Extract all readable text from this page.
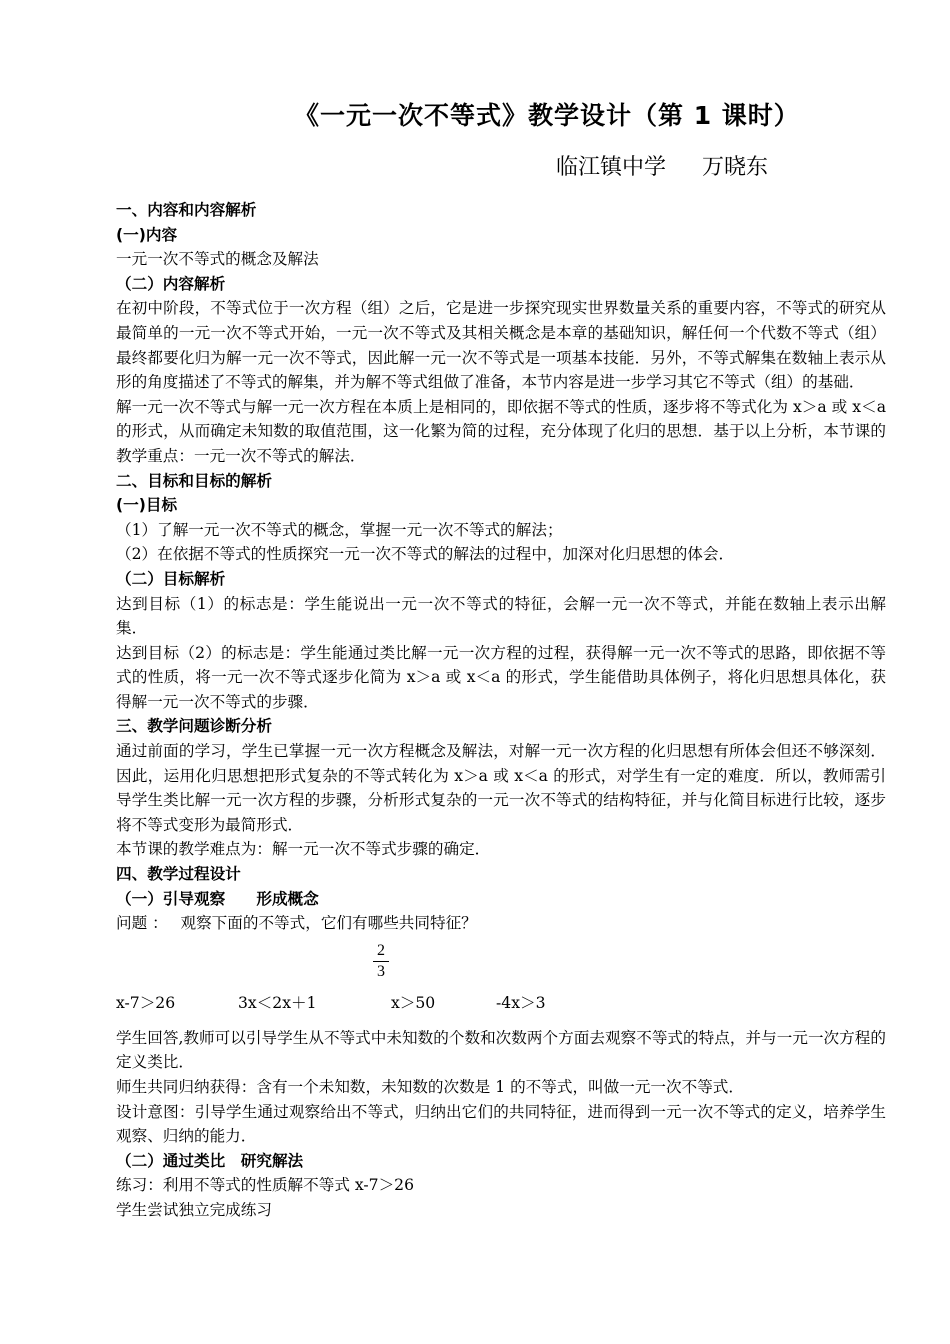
《一元一次不等式》教学设计（第 1 课时）
临江镇中学 万晓东

一、内容和内容解析

(一)内容

一元一次不等式的概念及解法

（二）内容解析

在初中阶段，不等式位于一次方程（组）之后，它是进一步探究现实世界数量关系的重要内容，不等式的研究从最简单的一元一次不等式开始，一元一次不等式及其相关概念是本章的基础知识，解任何一个代数不等式（组）最终都要化归为解一元一次不等式，因此解一元一次不等式是一项基本技能．另外，不等式解集在数轴上表示从形的角度描述了不等式的解集，并为解不等式组做了准备，本节内容是进一步学习其它不等式（组）的基础．

解一元一次不等式与解一元一次方程在本质上是相同的，即依据不等式的性质，逐步将不等式化为 x＞a 或 x＜a 的形式，从而确定未知数的取值范围，这一化繁为简的过程，充分体现了化归的思想．基于以上分析，本节课的教学重点：一元一次不等式的解法．

二、目标和目标的解析

(一)目标

（1）了解一元一次不等式的概念，掌握一元一次不等式的解法；

（2）在依据不等式的性质探究一元一次不等式的解法的过程中，加深对化归思想的体会．

（二）目标解析

达到目标（1）的标志是：学生能说出一元一次不等式的特征，会解一元一次不等式，并能在数轴上表示出解集．

达到目标（2）的标志是：学生能通过类比解一元一次方程的过程，获得解一元一次不等式的思路，即依据不等式的性质，将一元一次不等式逐步化简为 x＞a 或 x＜a 的形式，学生能借助具体例子，将化归思想具体化，获得解一元一次不等式的步骤．

三、教学问题诊断分析

通过前面的学习，学生已掌握一元一次方程概念及解法，对解一元一次方程的化归思想有所体会但还不够深刻．因此，运用化归思想把形式复杂的不等式转化为 x＞a 或 x＜a 的形式，对学生有一定的难度．所以，教师需引导学生类比解一元一次方程的步骤，分析形式复杂的一元一次不等式的结构特征，并与化简目标进行比较，逐步将不等式变形为最简形式．

本节课的教学难点为：解一元一次不等式步骤的确定．

四、教学过程设计

（一）引导观察　　形成概念

问题 ：　 观察下面的不等式，它们有哪些共同特征？

x-7＞26	3x＜2x＋1
2
3
x＞50	-4x＞3

学生回答,教师可以引导学生从不等式中未知数的个数和次数两个方面去观察不等式的特点，并与一元一次方程的定义类比．

师生共同归纳获得：含有一个未知数，未知数的次数是 1 的不等式，叫做一元一次不等式．

设计意图：引导学生通过观察给出不等式，归纳出它们的共同特征，进而得到一元一次不等式的定义，培养学生观察、归纳的能力．

（二）通过类比　研究解法

练习：利用不等式的性质解不等式 x-7＞26

学生尝试独立完成练习
